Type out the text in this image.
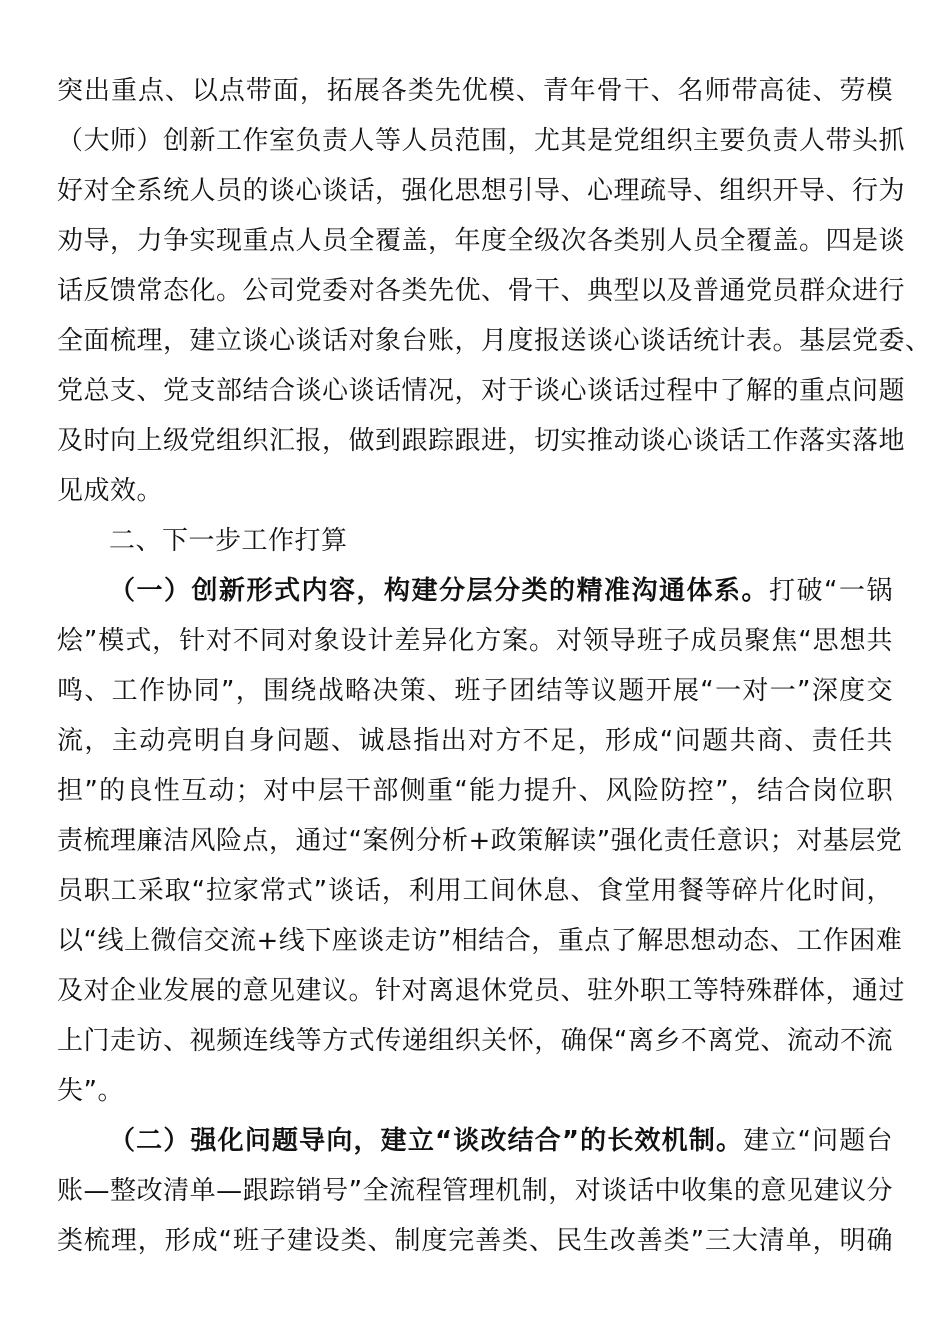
突出重点、以点带面，拓展各类先优模、青年骨干、名师带高徒、劳模
（大师）创新工作室负责人等人员范围，尤其是党组织主要负责人带头抓
好对全系统人员的谈心谈话，强化思想引导、心理疏导、组织开导、行为
劝导，力争实现重点人员全覆盖，年度全级次各类别人员全覆盖。四是谈
话反馈常态化。公司党委对各类先优、骨干、典型以及普通党员群众进行
全面梳理，建立谈心谈话对象台账，月度报送谈心谈话统计表。基层党委、
党总支、党支部结合谈心谈话情况，对于谈心谈话过程中了解的重点问题
及时向上级党组织汇报，做到跟踪跟进，切实推动谈心谈话工作落实落地
见成效。
二、下一步工作打算
（一）创新形式内容，构建分层分类的精准沟通体系。打破“一锅
烩”模式，针对不同对象设计差异化方案。对领导班子成员聚焦“思想共
鸣、工作协同”，围绕战略决策、班子团结等议题开展“一对一”深度交
流，主动亮明自身问题、诚恳指出对方不足，形成“问题共商、责任共
担”的良性互动；对中层干部侧重“能力提升、风险防控”，结合岗位职
责梳理廉洁风险点，通过“案例分析+政策解读”强化责任意识；对基层党
员职工采取“拉家常式”谈话，利用工间休息、食堂用餐等碎片化时间，
以“线上微信交流+线下座谈走访”相结合，重点了解思想动态、工作困难
及对企业发展的意见建议。针对离退休党员、驻外职工等特殊群体，通过
上门走访、视频连线等方式传递组织关怀，确保“离乡不离党、流动不流
失”。
（二）强化问题导向，建立“谈改结合”的长效机制。建立“问题台
账—整改清单—跟踪销号”全流程管理机制，对谈话中收集的意见建议分
类梳理，形成“班子建设类、制度完善类、民生改善类”三大清单，明确
